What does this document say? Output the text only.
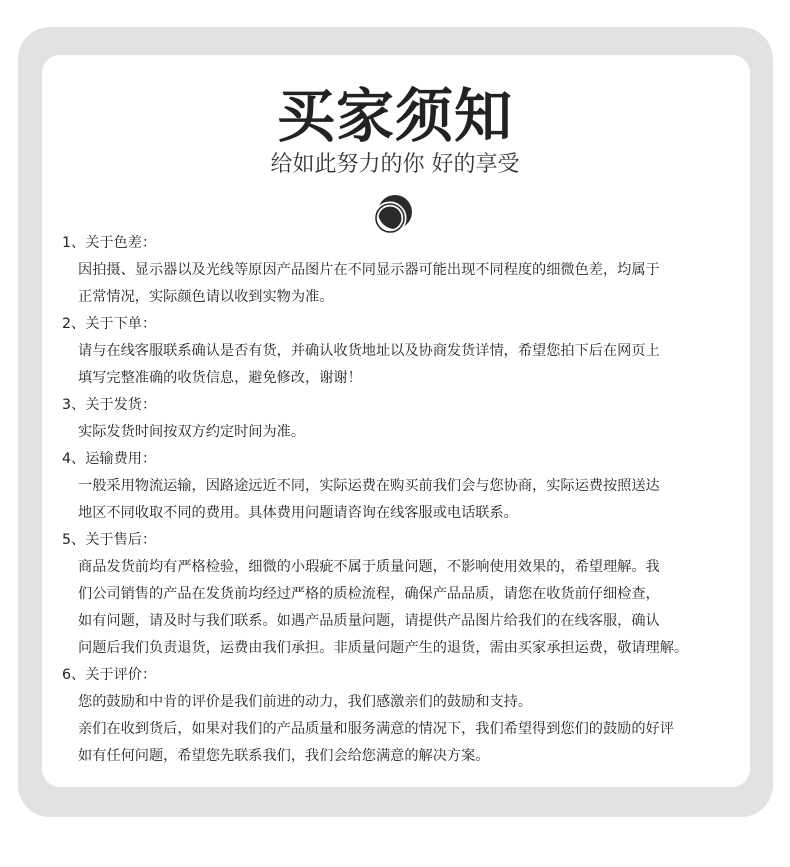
买家须知
给如此努力的你 好的享受
1、关于色差：
因拍摄、显示器以及光线等原因产品图片在不同显示器可能出现不同程度的细微色差，均属于
正常情况，实际颜色请以收到实物为准。
2、关于下单：
请与在线客服联系确认是否有货，并确认收货地址以及协商发货详情，希望您拍下后在网页上
填写完整准确的收货信息，避免修改，谢谢！
3、关于发货：
实际发货时间按双方约定时间为准。
4、运输费用：
一般采用物流运输，因路途远近不同，实际运费在购买前我们会与您协商，实际运费按照送达
地区不同收取不同的费用。具体费用问题请咨询在线客服或电话联系。
5、关于售后：
商品发货前均有严格检验，细微的小瑕疵不属于质量问题，不影响使用效果的，希望理解。我
们公司销售的产品在发货前均经过严格的质检流程，确保产品品质，请您在收货前仔细检查，
如有问题，请及时与我们联系。如遇产品质量问题，请提供产品图片给我们的在线客服，确认
问题后我们负责退货，运费由我们承担。非质量问题产生的退货，需由买家承担运费，敬请理解。
6、关于评价：
您的鼓励和中肯的评价是我们前进的动力，我们感激亲们的鼓励和支持。
亲们在收到货后，如果对我们的产品质量和服务满意的情况下，我们希望得到您们的鼓励的好评
如有任何问题，希望您先联系我们，我们会给您满意的解决方案。
